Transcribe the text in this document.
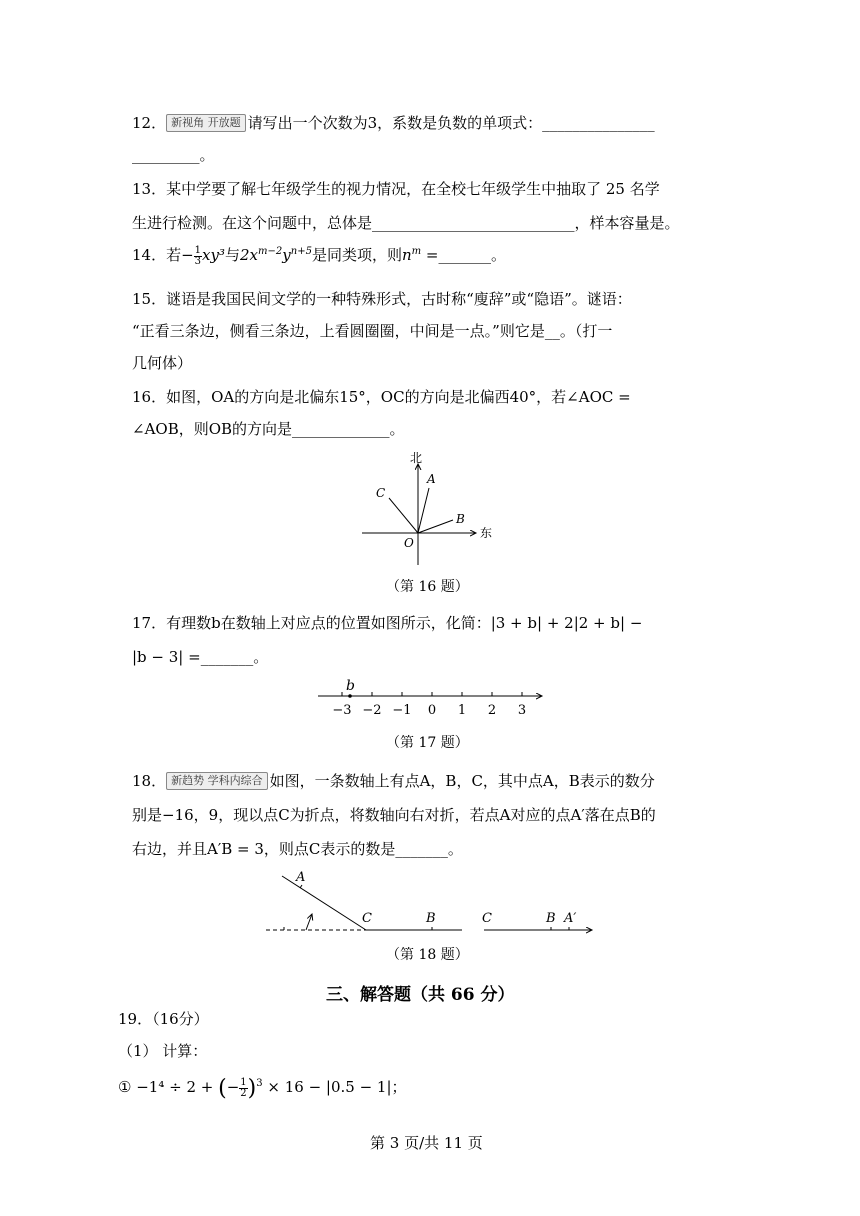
12． 新视角 开放题 请写出一个次数为3，系数是负数的单项式：_______________
_________。
13．某中学要了解七年级学生的视力情况，在全校七年级学生中抽取了 25 名学
生进行检测。在这个问题中，总体是___________________________，样本容量是。
14．若− $\frac{1}{3} xy^3$与$2x^{m-2}y^{n+5}$是同类项，则$n^m$ =_______。
15．谜语是我国民间文学的一种特殊形式，古时称“廋辞”或“隐语”。谜语：
“正看三条边，侧看三条边，上看圆圈圈，中间是一点。”则它是__。（打一
几何体）
16．如图，OA的方向是北偏东15°，OC的方向是北偏西40°，若∠AOC =
∠AOB，则OB的方向是_____________。
北
东
A
C
B
O
（第 16 题）
17．有理数b在数轴上对应点的位置如图所示，化简：|3 + b| + 2|2 + b| −
|b − 3| =_______。
−3 −2 −1 0 1 2 3
b
（第 17 题）
18． 新趋势 学科内综合 如图，一条数轴上有点A，B，C，其中点A，B表示的数分
别是−16，9，现以点C为折点，将数轴向右对折，若点A对应的点A′落在点B的
右边，并且A′B = 3，则点C表示的数是_______。
A
C	B	C	B A′
（第 18 题）
三、解答题（共 66 分）
19．（16分）
（1） 计算：
① −1⁴ ÷ 2 + (− $\frac{1}{2} )^3 \times 16 - |0.5 - 1|$；
第 3 页/共 11 页
